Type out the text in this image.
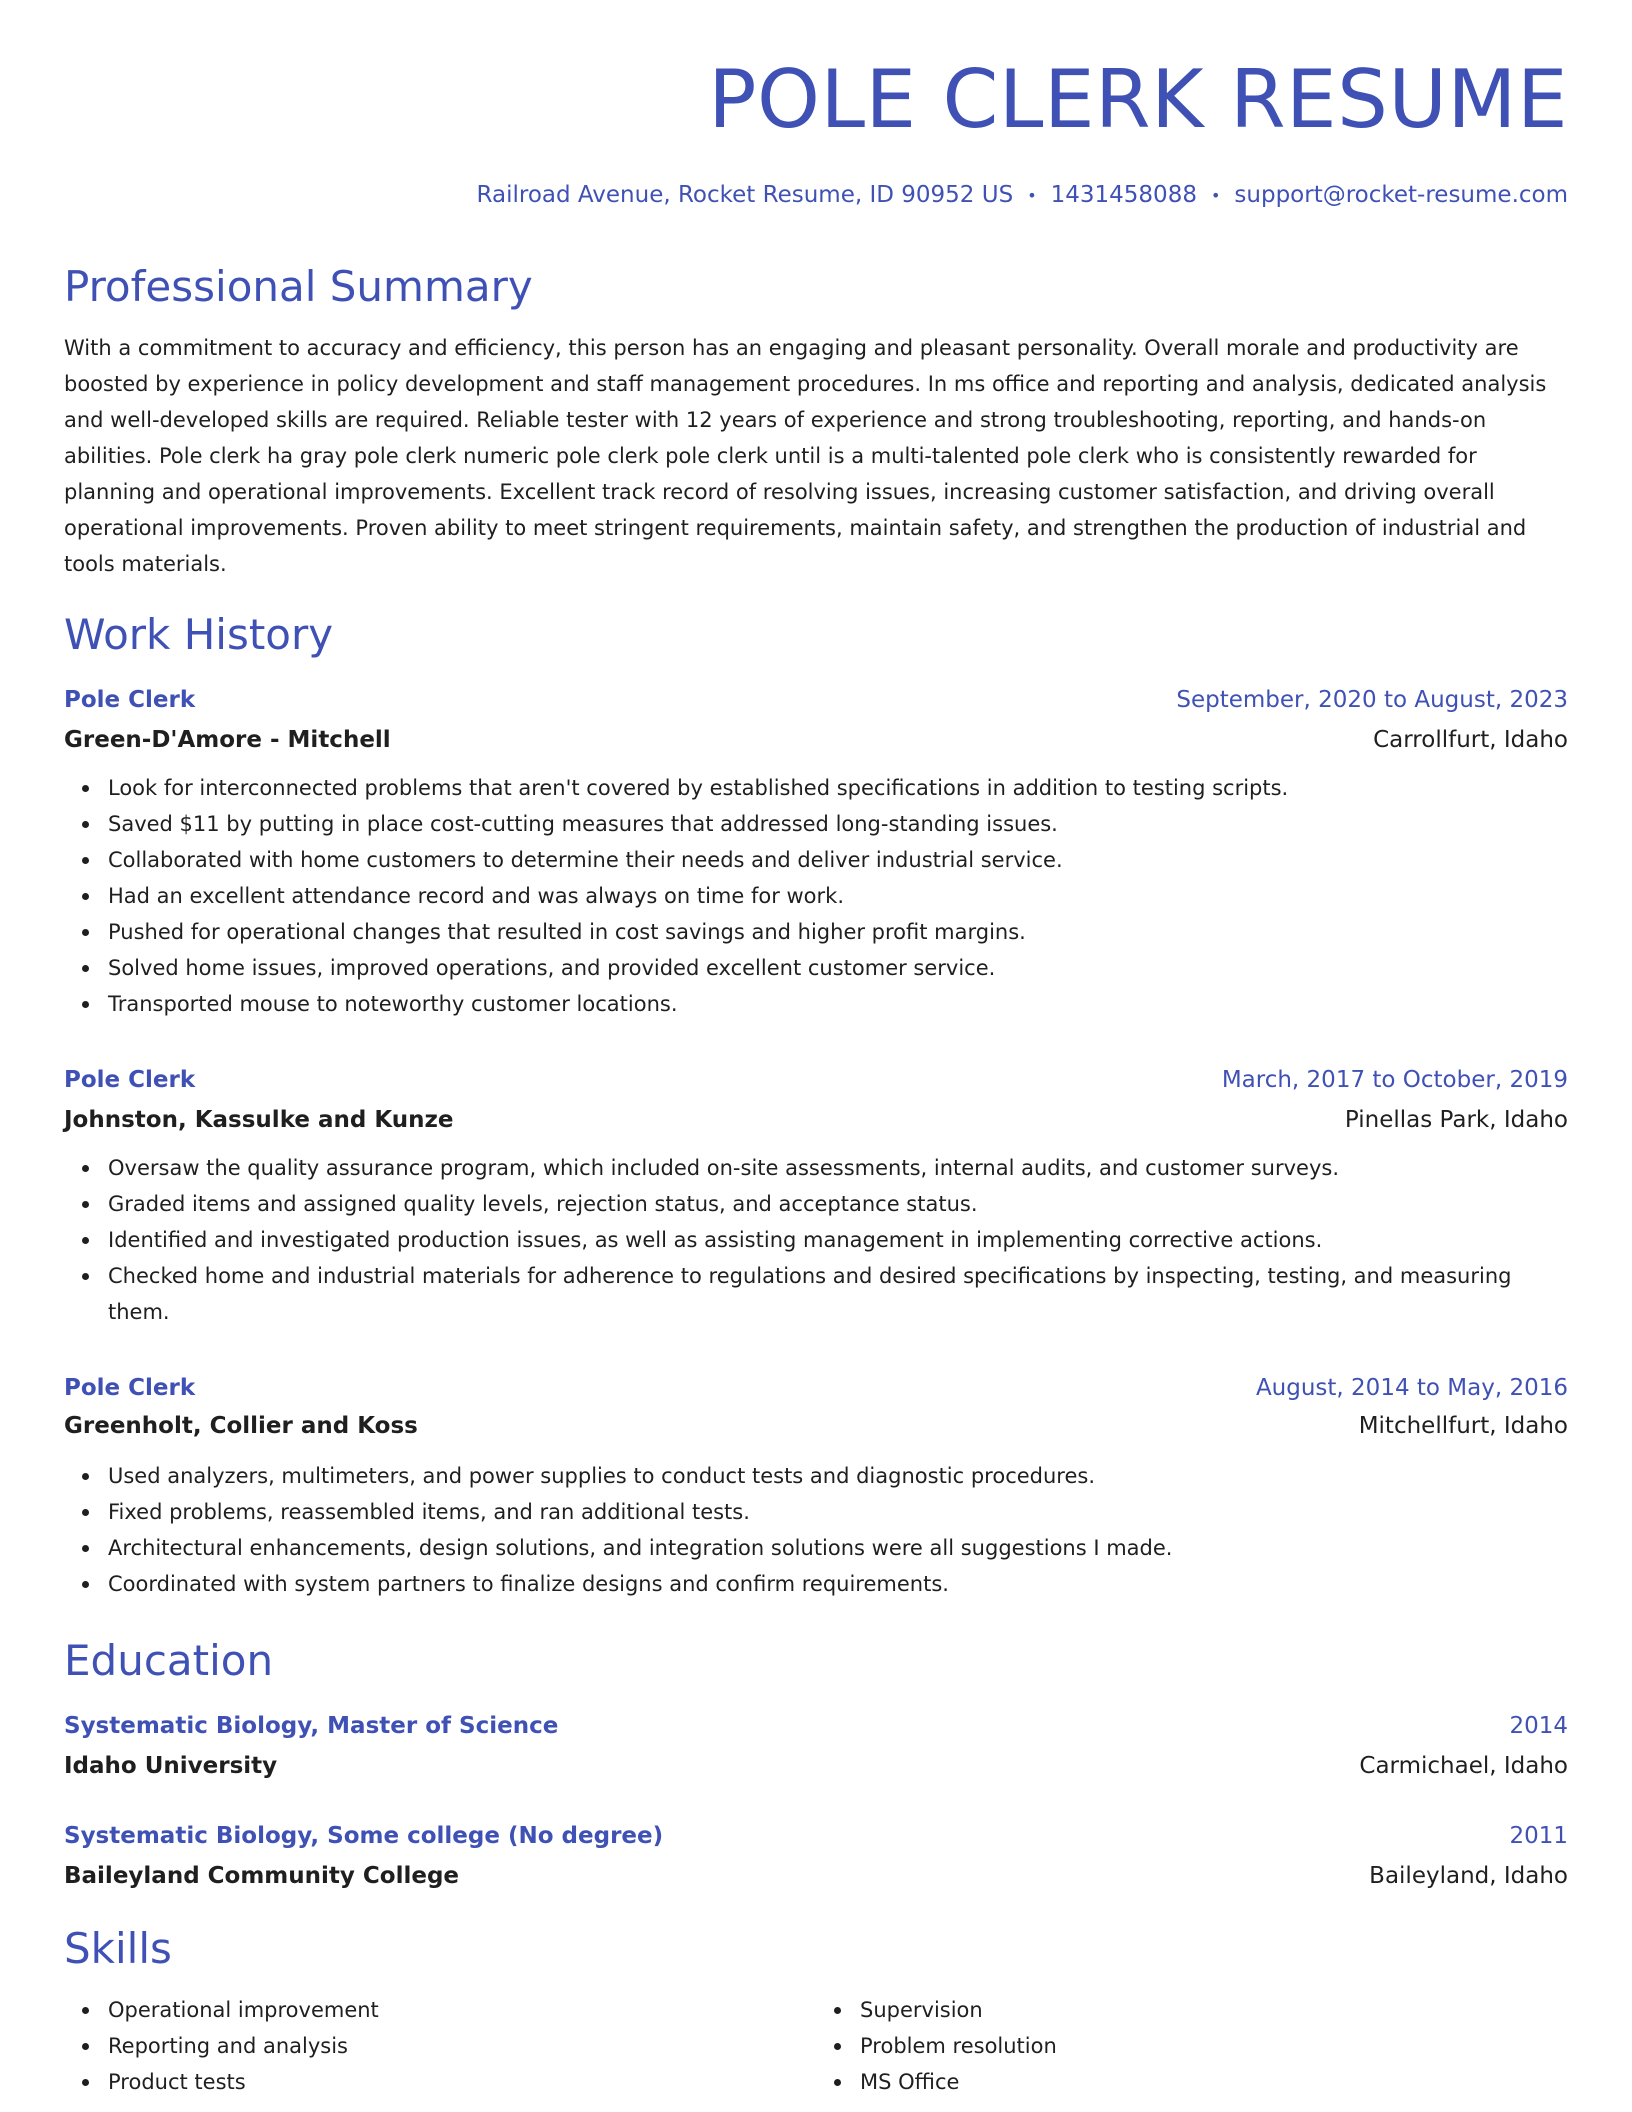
POLE CLERK RESUME
Railroad Avenue, Rocket Resume, ID 90952 US • 1431458088 • support@rocket-resume.com
Professional Summary

With a commitment to accuracy and efficiency, this person has an engaging and pleasant personality. Overall morale and productivity are boosted by experience in policy development and staff management procedures. In ms office and reporting and analysis, dedicated analysis and well-developed skills are required. Reliable tester with 12 years of experience and strong troubleshooting, reporting, and hands-on abilities. Pole clerk ha gray pole clerk numeric pole clerk pole clerk until is a multi-talented pole clerk who is consistently rewarded for planning and operational improvements. Excellent track record of resolving issues, increasing customer satisfaction, and driving overall operational improvements. Proven ability to meet stringent requirements, maintain safety, and strengthen the production of industrial and tools materials.

Work History
Pole Clerk	September, 2020 to August, 2023
Green-D'Amore - Mitchell	Carrollfurt, Idaho
Look for interconnected problems that aren't covered by established specifications in addition to testing scripts.
Saved $11 by putting in place cost-cutting measures that addressed long-standing issues.
Collaborated with home customers to determine their needs and deliver industrial service.
Had an excellent attendance record and was always on time for work.
Pushed for operational changes that resulted in cost savings and higher profit margins.
Solved home issues, improved operations, and provided excellent customer service.
Transported mouse to noteworthy customer locations.
Pole Clerk	March, 2017 to October, 2019
Johnston, Kassulke and Kunze	Pinellas Park, Idaho
Oversaw the quality assurance program, which included on-site assessments, internal audits, and customer surveys.
Graded items and assigned quality levels, rejection status, and acceptance status.
Identified and investigated production issues, as well as assisting management in implementing corrective actions.
Checked home and industrial materials for adherence to regulations and desired specifications by inspecting, testing, and measuring them.
Pole Clerk	August, 2014 to May, 2016
Greenholt, Collier and Koss	Mitchellfurt, Idaho
Used analyzers, multimeters, and power supplies to conduct tests and diagnostic procedures.
Fixed problems, reassembled items, and ran additional tests.
Architectural enhancements, design solutions, and integration solutions were all suggestions I made.
Coordinated with system partners to finalize designs and confirm requirements.
Education
Systematic Biology, Master of Science	2014
Idaho University	Carmichael, Idaho
Systematic Biology, Some college (No degree)	2011
Baileyland Community College	Baileyland, Idaho
Skills
Operational improvement
Reporting and analysis
Product tests
Supervision
Problem resolution
MS Office
